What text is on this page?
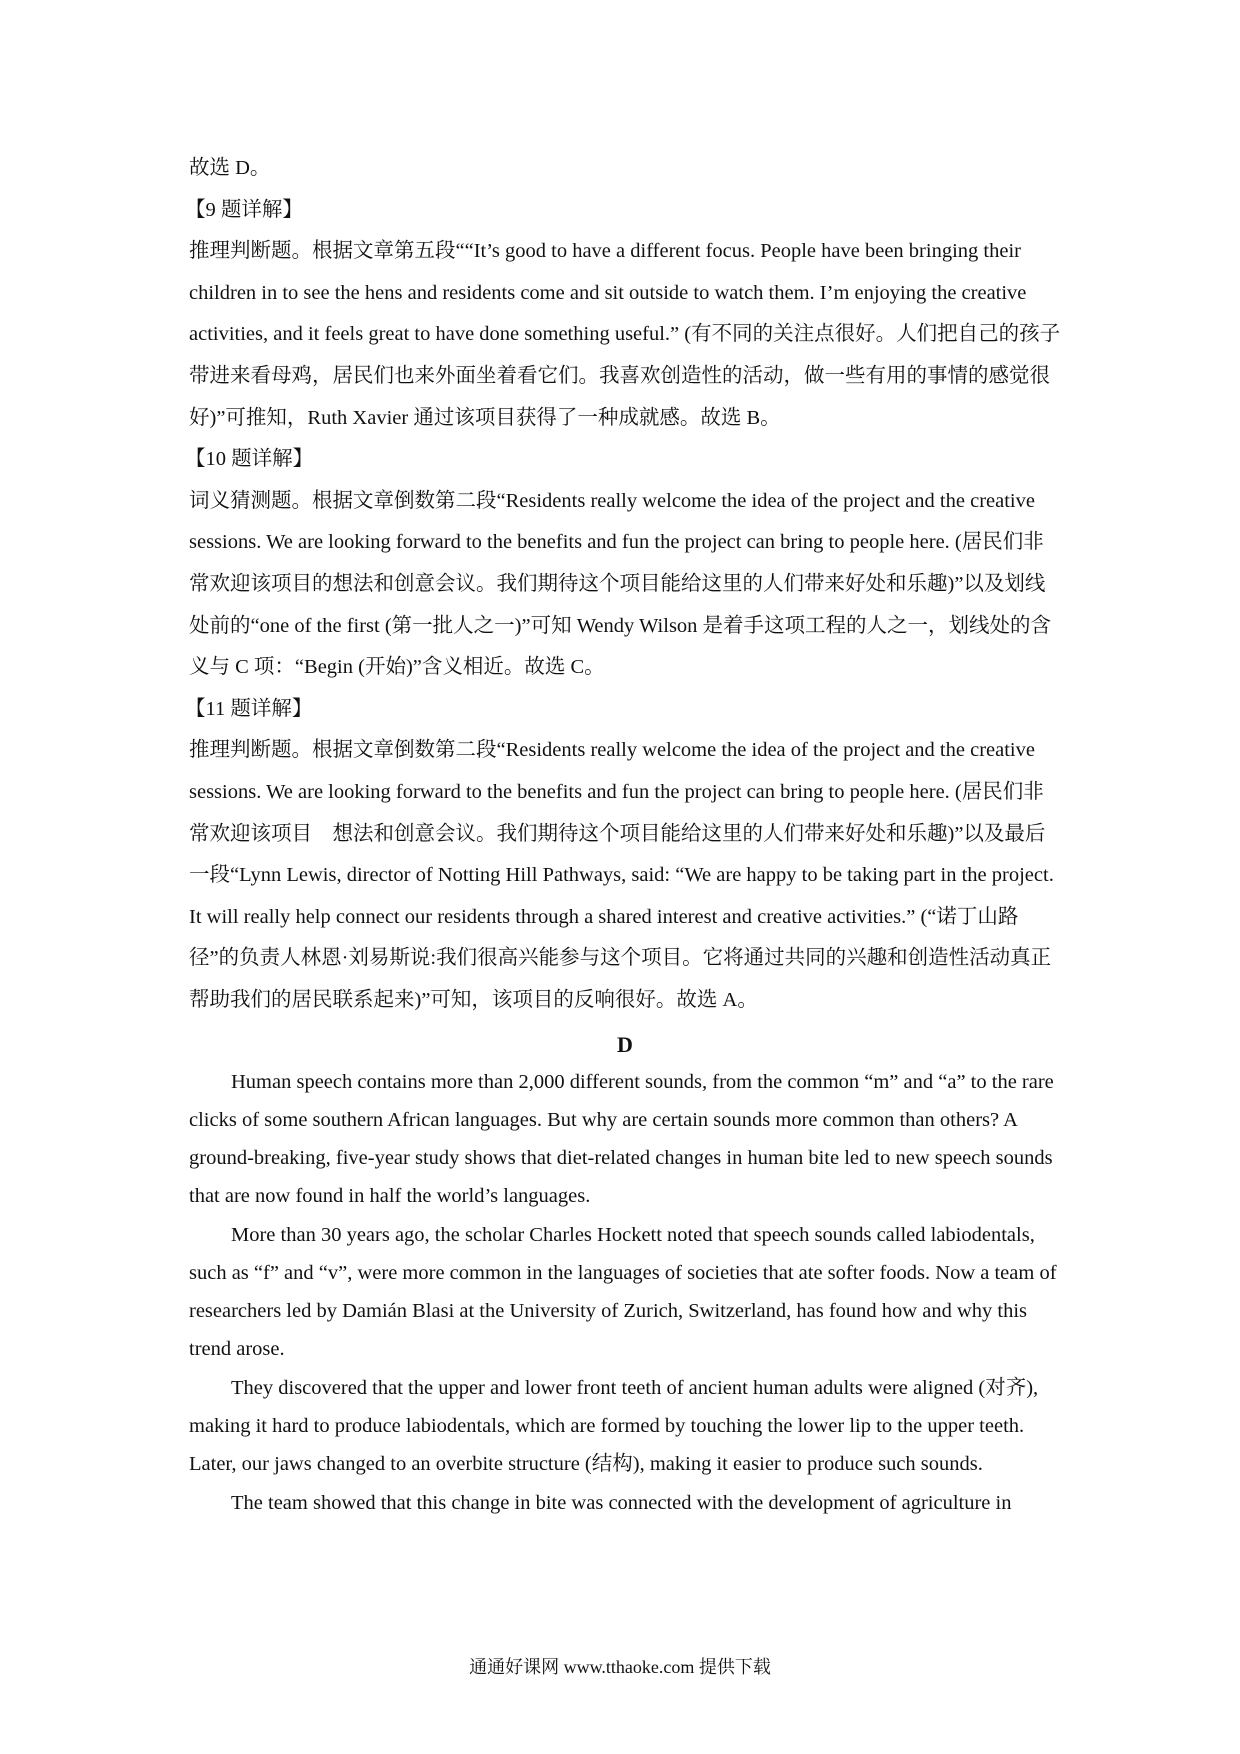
故选 D。

【9 题详解】

推理判断题。根据文章第五段““It’s good to have a different focus. People have been bringing their children in to see the hens and residents come and sit outside to watch them. I’m enjoying the creative activities, and it feels great to have done something useful.” (有不同的关注点很好。人们把自己的孩子带进来看母鸡，居民们也来外面坐着看它们。我喜欢创造性的活动，做一些有用的事情的感觉很好)”可推知，Ruth Xavier 通过该项目获得了一种成就感。故选 B。

【10 题详解】

词义猜测题。根据文章倒数第二段“Residents really welcome the idea of the project and the creative sessions. We are looking forward to the benefits and fun the project can bring to people here. (居民们非常欢迎该项目的想法和创意会议。我们期待这个项目能给这里的人们带来好处和乐趣)”以及划线处前的“one of the first (第一批人之一)”可知 Wendy Wilson 是着手这项工程的人之一，划线处的含义与 C 项：“Begin (开始)”含义相近。故选 C。

【11 题详解】

推理判断题。根据文章倒数第二段“Residents really welcome the idea of the project and the creative sessions. We are looking forward to the benefits and fun the project can bring to people here. (居民们非常欢迎该项目　想法和创意会议。我们期待这个项目能给这里的人们带来好处和乐趣)”以及最后一段“Lynn Lewis, director of Notting Hill Pathways, said: “We are happy to be taking part in the project. It will really help connect our residents through a shared interest and creative activities.” (“诺丁山路径”的负责人林恩·刘易斯说:我们很高兴能参与这个项目。它将通过共同的兴趣和创造性活动真正帮助我们的居民联系起来)”可知，该项目的反响很好。故选 A。

D

Human speech contains more than 2,000 different sounds, from the common “m” and “a” to the rare clicks of some southern African languages. But why are certain sounds more common than others? A ground-breaking, five-year study shows that diet-related changes in human bite led to new speech sounds that are now found in half the world’s languages.

More than 30 years ago, the scholar Charles Hockett noted that speech sounds called labiodentals, such as “f” and “v”, were more common in the languages of societies that ate softer foods. Now a team of researchers led by Damián Blasi at the University of Zurich, Switzerland, has found how and why this trend arose.

They discovered that the upper and lower front teeth of ancient human adults were aligned (对齐), making it hard to produce labiodentals, which are formed by touching the lower lip to the upper teeth. Later, our jaws changed to an overbite structure (结构), making it easier to produce such sounds.

The team showed that this change in bite was connected with the development of agriculture in

通通好课网 www.tthaoke.com 提供下载
